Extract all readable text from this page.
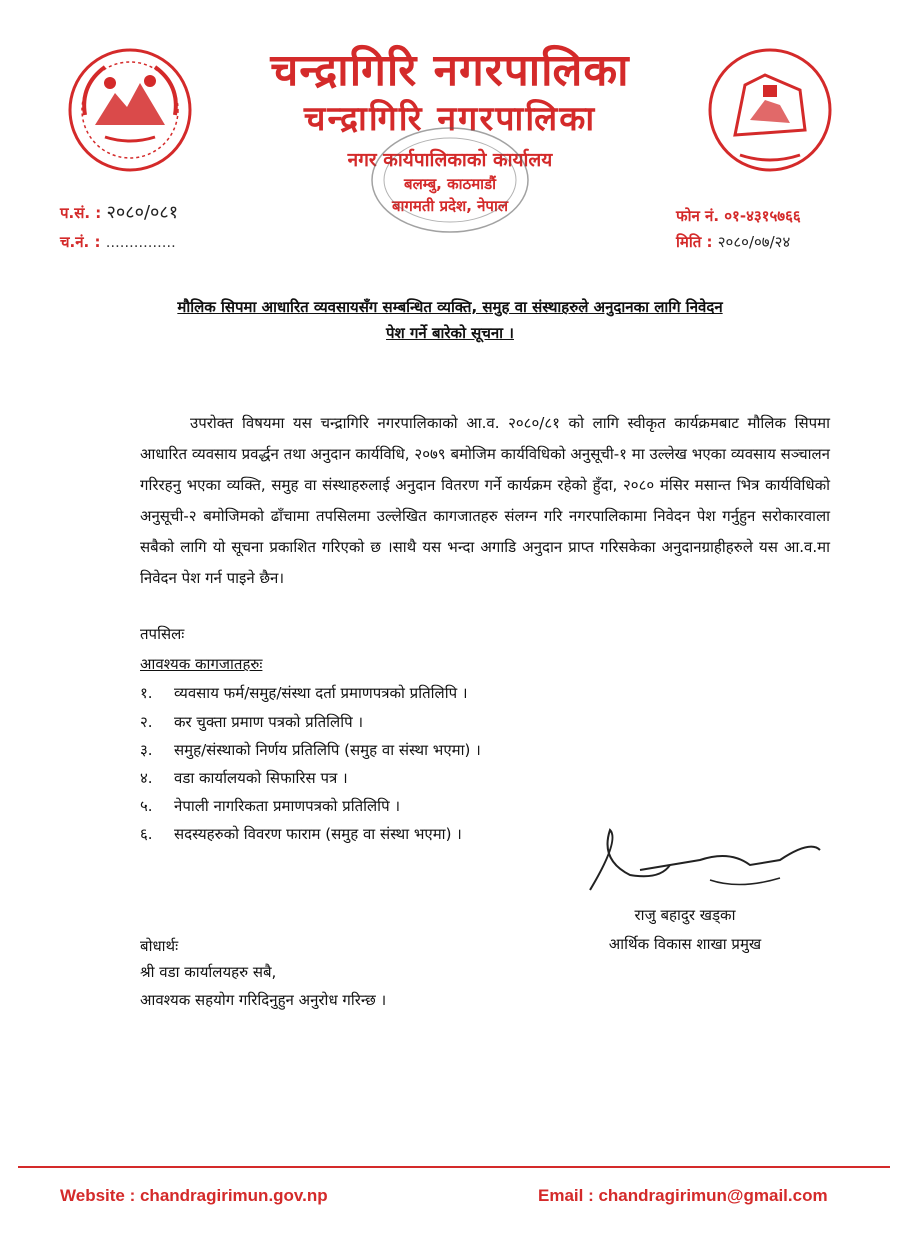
चन्द्रागिरि नगरपालिका
चन्द्रागिरि नगरपालिका
नगर कार्यपालिकाको कार्यालय
बलम्बु, काठमाडौं
बागमती प्रदेश, नेपाल
प.सं. : २०८०/०८१
च.नं. : ……………
फोन नं. ०१-४३१५७६६
मिति : २०८०/०७/२४
मौलिक सिपमा आधारित व्यवसायसँग सम्बन्धित व्यक्ति, समुह वा संस्थाहरुले अनुदानका लागि निवेदन
पेश गर्ने बारेको सूचना ।
उपरोक्त विषयमा यस चन्द्रागिरि नगरपालिकाको आ.व. २०८०/८१ को लागि स्वीकृत कार्यक्रमबाट मौलिक सिपमा आधारित व्यवसाय प्रवर्द्धन तथा अनुदान कार्यविधि, २०७९ बमोजिम कार्यविधिको अनुसूची-१ मा उल्लेख भएका व्यवसाय सञ्चालन गरिरहनु भएका व्यक्ति, समुह वा संस्थाहरुलाई अनुदान वितरण गर्ने कार्यक्रम रहेको हुँदा, २०८० मंसिर मसान्त भित्र कार्यविधिको अनुसूची-२ बमोजिमको ढाँचामा तपसिलमा उल्लेखित कागजातहरु संलग्न गरि नगरपालिकामा निवेदन पेश गर्नुहुन सरोकारवाला सबैको लागि यो सूचना प्रकाशित गरिएको छ ।साथै यस भन्दा अगाडि अनुदान प्राप्त गरिसकेका अनुदानग्राहीहरुले यस आ.व.मा निवेदन पेश गर्न पाइने छैन।
तपसिलः
आवश्यक कागजातहरुः
१. व्यवसाय फर्म/समुह/संस्था दर्ता प्रमाणपत्रको प्रतिलिपि ।
२. कर चुक्ता प्रमाण पत्रको प्रतिलिपि ।
३. समुह/संस्थाको निर्णय प्रतिलिपि (समुह वा संस्था भएमा) ।
४. वडा कार्यालयको सिफारिस पत्र ।
५. नेपाली नागरिकता प्रमाणपत्रको प्रतिलिपि ।
६. सदस्यहरुको विवरण फाराम (समुह वा संस्था भएमा) ।
राजु बहादुर खड्का
आर्थिक विकास शाखा प्रमुख
बोधार्थः
श्री वडा कार्यालयहरु सबै,
आवश्यक सहयोग गरिदिनुहुन अनुरोध गरिन्छ ।
Website : chandragirimun.gov.np	Email : chandragirimun@gmail.com
